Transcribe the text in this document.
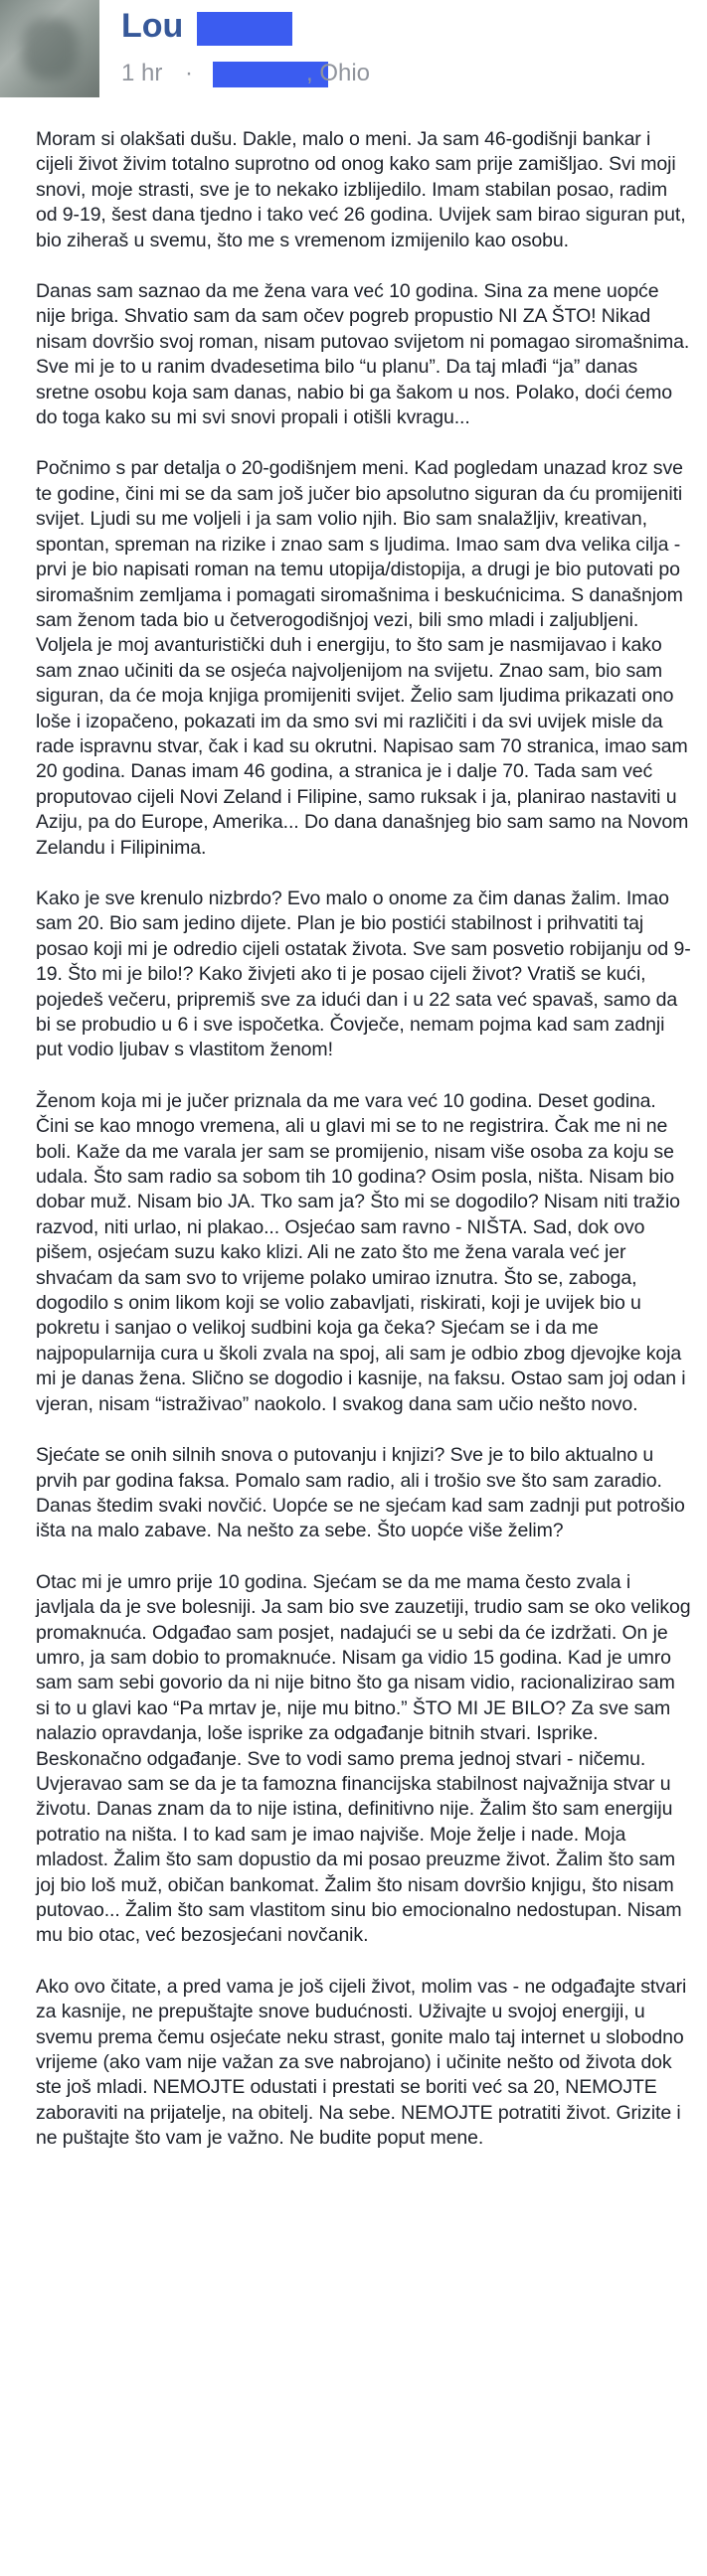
Lou
1 hr ·	, Ohio

Moram si olakšati dušu. Dakle, malo o meni. Ja sam 46-godišnji bankar i cijeli život živim totalno suprotno od onog kako sam prije zamišljao. Svi moji snovi, moje strasti, sve je to nekako izblijedilo. Imam stabilan posao, radim od 9-19, šest dana tjedno i tako već 26 godina. Uvijek sam birao siguran put, bio ziheraš u svemu, što me s vremenom izmijenilo kao osobu.

Danas sam saznao da me žena vara već 10 godina. Sina za mene uopće nije briga. Shvatio sam da sam očev pogreb propustio NI ZA ŠTO! Nikad nisam dovršio svoj roman, nisam putovao svijetom ni pomagao siromašnima. Sve mi je to u ranim dvadesetima bilo “u planu”. Da taj mlađi “ja” danas sretne osobu koja sam danas, nabio bi ga šakom u nos. Polako, doći ćemo do toga kako su mi svi snovi propali i otišli kvragu...

Počnimo s par detalja o 20-godišnjem meni. Kad pogledam unazad kroz sve te godine, čini mi se da sam još jučer bio apsolutno siguran da ću promijeniti svijet. Ljudi su me voljeli i ja sam volio njih. Bio sam snalažljiv, kreativan, spontan, spreman na rizike i znao sam s ljudima. Imao sam dva velika cilja - prvi je bio napisati roman na temu utopija/distopija, a drugi je bio putovati po siromašnim zemljama i pomagati siromašnima i beskućnicima. S današnjom sam ženom tada bio u četverogodišnjoj vezi, bili smo mladi i zaljubljeni. Voljela je moj avanturistički duh i energiju, to što sam je nasmijavao i kako sam znao učiniti da se osjeća najvoljenijom na svijetu. Znao sam, bio sam siguran, da će moja knjiga promijeniti svijet. Želio sam ljudima prikazati ono loše i izopačeno, pokazati im da smo svi mi različiti i da svi uvijek misle da rade ispravnu stvar, čak i kad su okrutni. Napisao sam 70 stranica, imao sam 20 godina. Danas imam 46 godina, a stranica je i dalje 70. Tada sam već proputovao cijeli Novi Zeland i Filipine, samo ruksak i ja, planirao nastaviti u Aziju, pa do Europe, Amerika... Do dana današnjeg bio sam samo na Novom Zelandu i Filipinima.

Kako je sve krenulo nizbrdo? Evo malo o onome za čim danas žalim. Imao sam 20. Bio sam jedino dijete. Plan je bio postići stabilnost i prihvatiti taj posao koji mi je odredio cijeli ostatak života. Sve sam posvetio robijanju od 9-19. Što mi je bilo!? Kako živjeti ako ti je posao cijeli život? Vratiš se kući, pojedeš večeru, pripremiš sve za idući dan i u 22 sata već spavaš, samo da bi se probudio u 6 i sve ispočetka. Čovječe, nemam pojma kad sam zadnji put vodio ljubav s vlastitom ženom!

Ženom koja mi je jučer priznala da me vara već 10 godina. Deset godina. Čini se kao mnogo vremena, ali u glavi mi se to ne registrira. Čak me ni ne boli. Kaže da me varala jer sam se promijenio, nisam više osoba za koju se udala. Što sam radio sa sobom tih 10 godina? Osim posla, ništa. Nisam bio dobar muž. Nisam bio JA. Tko sam ja? Što mi se dogodilo? Nisam niti tražio razvod, niti urlao, ni plakao... Osjećao sam ravno - NIŠTA. Sad, dok ovo pišem, osjećam suzu kako klizi. Ali ne zato što me žena varala već jer shvaćam da sam svo to vrijeme polako umirao iznutra. Što se, zaboga, dogodilo s onim likom koji se volio zabavljati, riskirati, koji je uvijek bio u pokretu i sanjao o velikoj sudbini koja ga čeka? Sjećam se i da me najpopularnija cura u školi zvala na spoj, ali sam je odbio zbog djevojke koja mi je danas žena. Slično se dogodio i kasnije, na faksu. Ostao sam joj odan i vjeran, nisam “istraživao” naokolo. I svakog dana sam učio nešto novo.

Sjećate se onih silnih snova o putovanju i knjizi? Sve je to bilo aktualno u prvih par godina faksa. Pomalo sam radio, ali i trošio sve što sam zaradio. Danas štedim svaki novčić. Uopće se ne sjećam kad sam zadnji put potrošio išta na malo zabave. Na nešto za sebe. Što uopće više želim?

Otac mi je umro prije 10 godina. Sjećam se da me mama često zvala i javljala da je sve bolesniji. Ja sam bio sve zauzetiji, trudio sam se oko velikog promaknuća. Odgađao sam posjet, nadajući se u sebi da će izdržati. On je umro, ja sam dobio to promaknuće. Nisam ga vidio 15 godina. Kad je umro sam sam sebi govorio da ni nije bitno što ga nisam vidio, racionalizirao sam si to u glavi kao “Pa mrtav je, nije mu bitno.” ŠTO MI JE BILO? Za sve sam nalazio opravdanja, loše isprike za odgađanje bitnih stvari. Isprike. Beskonačno odgađanje. Sve to vodi samo prema jednoj stvari - ničemu. Uvjeravao sam se da je ta famozna financijska stabilnost najvažnija stvar u životu. Danas znam da to nije istina, definitivno nije. Žalim što sam energiju potratio na ništa. I to kad sam je imao najviše. Moje želje i nade. Moja mladost. Žalim što sam dopustio da mi posao preuzme život. Žalim što sam joj bio loš muž, običan bankomat. Žalim što nisam dovršio knjigu, što nisam putovao... Žalim što sam vlastitom sinu bio emocionalno nedostupan. Nisam mu bio otac, već bezosjećani novčanik.

Ako ovo čitate, a pred vama je još cijeli život, molim vas - ne odgađajte stvari za kasnije, ne prepuštajte snove budućnosti. Uživajte u svojoj energiji, u svemu prema čemu osjećate neku strast, gonite malo taj internet u slobodno vrijeme (ako vam nije važan za sve nabrojano) i učinite nešto od života dok ste još mladi. NEMOJTE odustati i prestati se boriti već sa 20, NEMOJTE zaboraviti na prijatelje, na obitelj. Na sebe. NEMOJTE potratiti život. Grizite i ne puštajte što vam je važno. Ne budite poput mene.
